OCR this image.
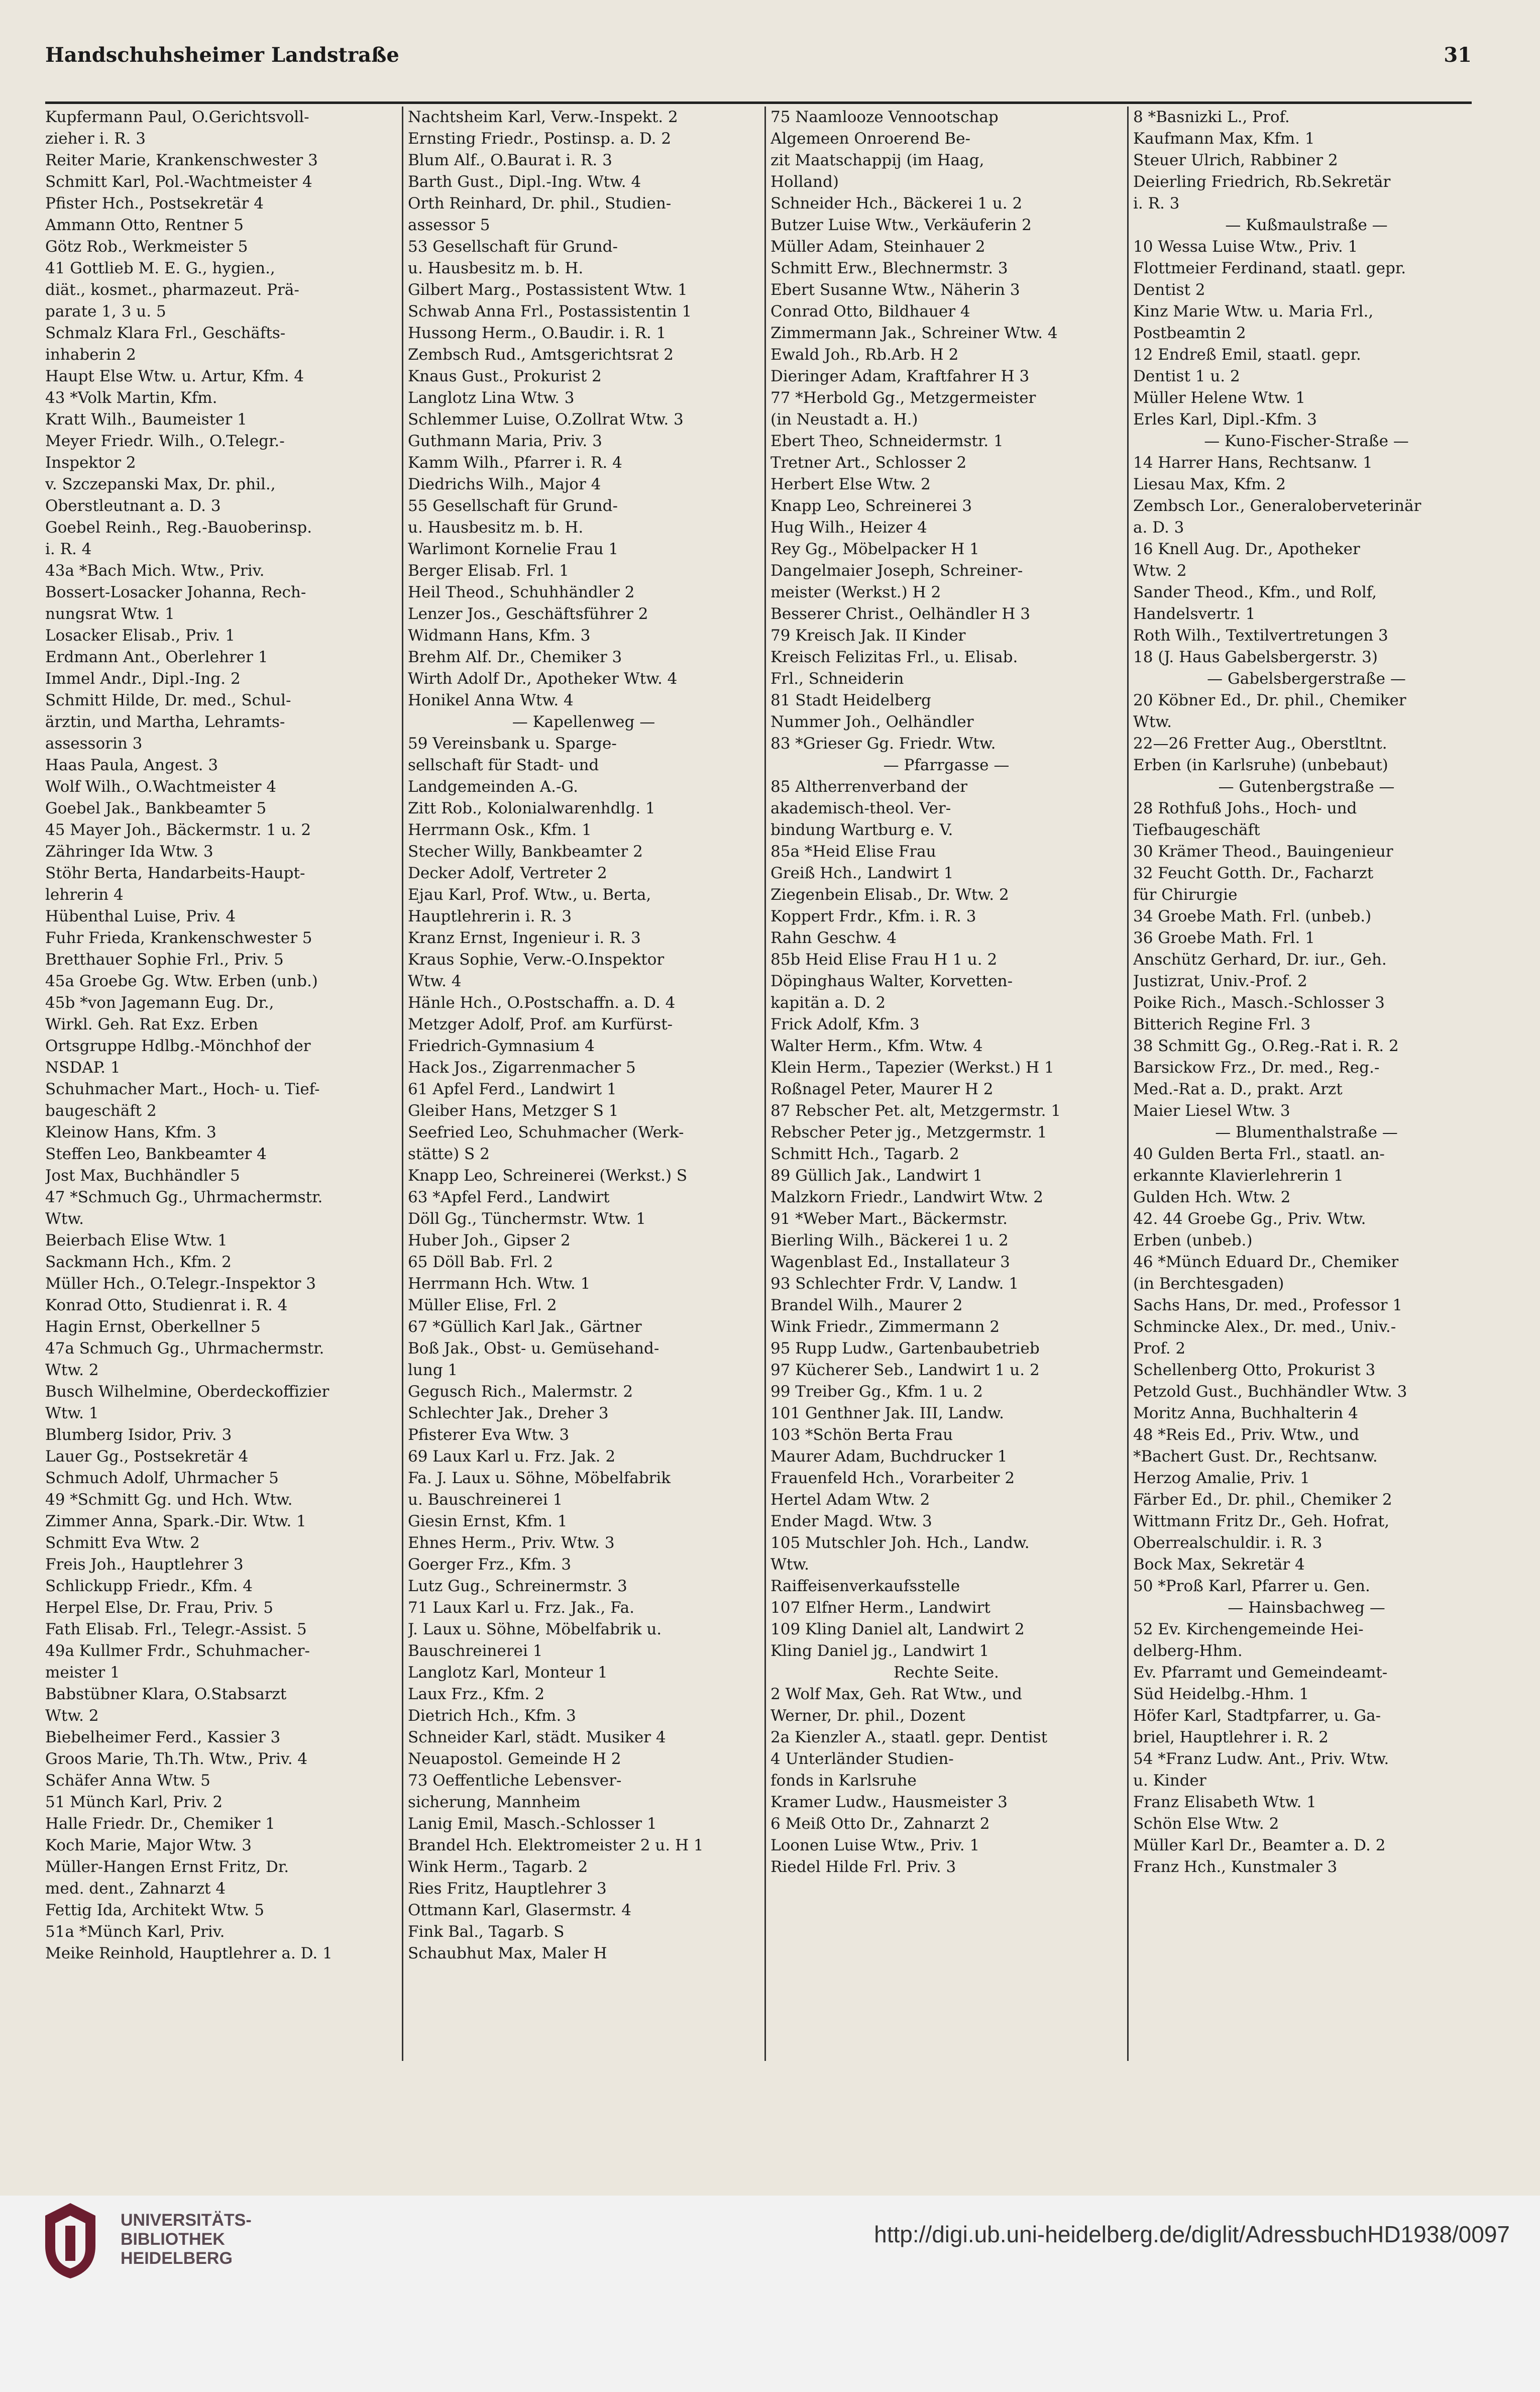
Handschuhsheimer Landstraße	31
Kupfermann Paul, O.Gerichtsvoll-
zieher i. R. 3
Reiter Marie, Krankenschwester 3
Schmitt Karl, Pol.-Wachtmeister 4
Pfister Hch., Postsekretär 4
Ammann Otto, Rentner 5
Götz Rob., Werkmeister 5
41 Gottlieb M. E. G., hygien.,
diät., kosmet., pharmazeut. Prä-
parate 1, 3 u. 5
Schmalz Klara Frl., Geschäfts-
inhaberin 2
Haupt Else Wtw. u. Artur, Kfm. 4
43 *Volk Martin, Kfm.
Kratt Wilh., Baumeister 1
Meyer Friedr. Wilh., O.Telegr.-
Inspektor 2
v. Szczepanski Max, Dr. phil.,
Oberstleutnant a. D. 3
Goebel Reinh., Reg.-Bauoberinsp.
i. R. 4
43a *Bach Mich. Wtw., Priv.
Bossert-Losacker Johanna, Rech-
nungsrat Wtw. 1
Losacker Elisab., Priv. 1
Erdmann Ant., Oberlehrer 1
Immel Andr., Dipl.-Ing. 2
Schmitt Hilde, Dr. med., Schul-
ärztin, und Martha, Lehramts-
assessorin 3
Haas Paula, Angest. 3
Wolf Wilh., O.Wachtmeister 4
Goebel Jak., Bankbeamter 5
45 Mayer Joh., Bäckermstr. 1 u. 2
Zähringer Ida Wtw. 3
Stöhr Berta, Handarbeits-Haupt-
lehrerin 4
Hübenthal Luise, Priv. 4
Fuhr Frieda, Krankenschwester 5
Bretthauer Sophie Frl., Priv. 5
45a Groebe Gg. Wtw. Erben (unb.)
45b *von Jagemann Eug. Dr.,
Wirkl. Geh. Rat Exz. Erben
Ortsgruppe Hdlbg.-Mönchhof der
NSDAP. 1
Schuhmacher Mart., Hoch- u. Tief-
baugeschäft 2
Kleinow Hans, Kfm. 3
Steffen Leo, Bankbeamter 4
Jost Max, Buchhändler 5
47 *Schmuch Gg., Uhrmachermstr.
Wtw.
Beierbach Elise Wtw. 1
Sackmann Hch., Kfm. 2
Müller Hch., O.Telegr.-Inspektor 3
Konrad Otto, Studienrat i. R. 4
Hagin Ernst, Oberkellner 5
47a Schmuch Gg., Uhrmachermstr.
Wtw. 2
Busch Wilhelmine, Oberdeckoffizier
Wtw. 1
Blumberg Isidor, Priv. 3
Lauer Gg., Postsekretär 4
Schmuch Adolf, Uhrmacher 5
49 *Schmitt Gg. und Hch. Wtw.
Zimmer Anna, Spark.-Dir. Wtw. 1
Schmitt Eva Wtw. 2
Freis Joh., Hauptlehrer 3
Schlickupp Friedr., Kfm. 4
Herpel Else, Dr. Frau, Priv. 5
Fath Elisab. Frl., Telegr.-Assist. 5
49a Kullmer Frdr., Schuhmacher-
meister 1
Babstübner Klara, O.Stabsarzt
Wtw. 2
Biebelheimer Ferd., Kassier 3
Groos Marie, Th.Th. Wtw., Priv. 4
Schäfer Anna Wtw. 5
51 Münch Karl, Priv. 2
Halle Friedr. Dr., Chemiker 1
Koch Marie, Major Wtw. 3
Müller-Hangen Ernst Fritz, Dr.
med. dent., Zahnarzt 4
Fettig Ida, Architekt Wtw. 5
51a *Münch Karl, Priv.
Meike Reinhold, Hauptlehrer a. D. 1
Nachtsheim Karl, Verw.-Inspekt. 2
Ernsting Friedr., Postinsp. a. D. 2
Blum Alf., O.Baurat i. R. 3
Barth Gust., Dipl.-Ing. Wtw. 4
Orth Reinhard, Dr. phil., Studien-
assessor 5
53 Gesellschaft für Grund-
u. Hausbesitz m. b. H.
Gilbert Marg., Postassistent Wtw. 1
Schwab Anna Frl., Postassistentin 1
Hussong Herm., O.Baudir. i. R. 1
Zembsch Rud., Amtsgerichtsrat 2
Knaus Gust., Prokurist 2
Langlotz Lina Wtw. 3
Schlemmer Luise, O.Zollrat Wtw. 3
Guthmann Maria, Priv. 3
Kamm Wilh., Pfarrer i. R. 4
Diedrichs Wilh., Major 4
55 Gesellschaft für Grund-
u. Hausbesitz m. b. H.
Warlimont Kornelie Frau 1
Berger Elisab. Frl. 1
Heil Theod., Schuhhändler 2
Lenzer Jos., Geschäftsführer 2
Widmann Hans, Kfm. 3
Brehm Alf. Dr., Chemiker 3
Wirth Adolf Dr., Apotheker Wtw. 4
Honikel Anna Wtw. 4
— Kapellenweg —
59 Vereinsbank u. Sparge-
sellschaft für Stadt- und
Landgemeinden A.-G.
Zitt Rob., Kolonialwarenhdlg. 1
Herrmann Osk., Kfm. 1
Stecher Willy, Bankbeamter 2
Decker Adolf, Vertreter 2
Ejau Karl, Prof. Wtw., u. Berta,
Hauptlehrerin i. R. 3
Kranz Ernst, Ingenieur i. R. 3
Kraus Sophie, Verw.-O.Inspektor
Wtw. 4
Hänle Hch., O.Postschaffn. a. D. 4
Metzger Adolf, Prof. am Kurfürst-
Friedrich-Gymnasium 4
Hack Jos., Zigarrenmacher 5
61 Apfel Ferd., Landwirt 1
Gleiber Hans, Metzger S 1
Seefried Leo, Schuhmacher (Werk-
stätte) S 2
Knapp Leo, Schreinerei (Werkst.) S
63 *Apfel Ferd., Landwirt
Döll Gg., Tünchermstr. Wtw. 1
Huber Joh., Gipser 2
65 Döll Bab. Frl. 2
Herrmann Hch. Wtw. 1
Müller Elise, Frl. 2
67 *Güllich Karl Jak., Gärtner
Boß Jak., Obst- u. Gemüsehand-
lung 1
Gegusch Rich., Malermstr. 2
Schlechter Jak., Dreher 3
Pfisterer Eva Wtw. 3
69 Laux Karl u. Frz. Jak. 2
Fa. J. Laux u. Söhne, Möbelfabrik
u. Bauschreinerei 1
Giesin Ernst, Kfm. 1
Ehnes Herm., Priv. Wtw. 3
Goerger Frz., Kfm. 3
Lutz Gug., Schreinermstr. 3
71 Laux Karl u. Frz. Jak., Fa.
J. Laux u. Söhne, Möbelfabrik u.
Bauschreinerei 1
Langlotz Karl, Monteur 1
Laux Frz., Kfm. 2
Dietrich Hch., Kfm. 3
Schneider Karl, städt. Musiker 4
Neuapostol. Gemeinde H 2
73 Oeffentliche Lebensver-
sicherung, Mannheim
Lanig Emil, Masch.-Schlosser 1
Brandel Hch. Elektromeister 2 u. H 1
Wink Herm., Tagarb. 2
Ries Fritz, Hauptlehrer 3
Ottmann Karl, Glasermstr. 4
Fink Bal., Tagarb. S
Schaubhut Max, Maler H
75 Naamlooze Vennootschap
Algemeen Onroerend Be-
zit Maatschappij (im Haag,
Holland)
Schneider Hch., Bäckerei 1 u. 2
Butzer Luise Wtw., Verkäuferin 2
Müller Adam, Steinhauer 2
Schmitt Erw., Blechnermstr. 3
Ebert Susanne Wtw., Näherin 3
Conrad Otto, Bildhauer 4
Zimmermann Jak., Schreiner Wtw. 4
Ewald Joh., Rb.Arb. H 2
Dieringer Adam, Kraftfahrer H 3
77 *Herbold Gg., Metzgermeister
(in Neustadt a. H.)
Ebert Theo, Schneidermstr. 1
Tretner Art., Schlosser 2
Herbert Else Wtw. 2
Knapp Leo, Schreinerei 3
Hug Wilh., Heizer 4
Rey Gg., Möbelpacker H 1
Dangelmaier Joseph, Schreiner-
meister (Werkst.) H 2
Besserer Christ., Oelhändler H 3
79 Kreisch Jak. II Kinder
Kreisch Felizitas Frl., u. Elisab.
Frl., Schneiderin
81 Stadt Heidelberg
Nummer Joh., Oelhändler
83 *Grieser Gg. Friedr. Wtw.
— Pfarrgasse —
85 Altherrenverband der
akademisch-theol. Ver-
bindung Wartburg e. V.
85a *Heid Elise Frau
Greiß Hch., Landwirt 1
Ziegenbein Elisab., Dr. Wtw. 2
Koppert Frdr., Kfm. i. R. 3
Rahn Geschw. 4
85b Heid Elise Frau H 1 u. 2
Döpinghaus Walter, Korvetten-
kapitän a. D. 2
Frick Adolf, Kfm. 3
Walter Herm., Kfm. Wtw. 4
Klein Herm., Tapezier (Werkst.) H 1
Roßnagel Peter, Maurer H 2
87 Rebscher Pet. alt, Metzgermstr. 1
Rebscher Peter jg., Metzgermstr. 1
Schmitt Hch., Tagarb. 2
89 Güllich Jak., Landwirt 1
Malzkorn Friedr., Landwirt Wtw. 2
91 *Weber Mart., Bäckermstr.
Bierling Wilh., Bäckerei 1 u. 2
Wagenblast Ed., Installateur 3
93 Schlechter Frdr. V, Landw. 1
Brandel Wilh., Maurer 2
Wink Friedr., Zimmermann 2
95 Rupp Ludw., Gartenbaubetrieb
97 Kücherer Seb., Landwirt 1 u. 2
99 Treiber Gg., Kfm. 1 u. 2
101 Genthner Jak. III, Landw.
103 *Schön Berta Frau
Maurer Adam, Buchdrucker 1
Frauenfeld Hch., Vorarbeiter 2
Hertel Adam Wtw. 2
Ender Magd. Wtw. 3
105 Mutschler Joh. Hch., Landw.
Wtw.
Raiffeisenverkaufsstelle
107 Elfner Herm., Landwirt
109 Kling Daniel alt, Landwirt 2
Kling Daniel jg., Landwirt 1
Rechte Seite.
2 Wolf Max, Geh. Rat Wtw., und
Werner, Dr. phil., Dozent
2a Kienzler A., staatl. gepr. Dentist
4 Unterländer Studien-
fonds in Karlsruhe
Kramer Ludw., Hausmeister 3
6 Meiß Otto Dr., Zahnarzt 2
Loonen Luise Wtw., Priv. 1
Riedel Hilde Frl. Priv. 3
8 *Basnizki L., Prof.
Kaufmann Max, Kfm. 1
Steuer Ulrich, Rabbiner 2
Deierling Friedrich, Rb.Sekretär
i. R. 3
— Kußmaulstraße —
10 Wessa Luise Wtw., Priv. 1
Flottmeier Ferdinand, staatl. gepr.
Dentist 2
Kinz Marie Wtw. u. Maria Frl.,
Postbeamtin 2
12 Endreß Emil, staatl. gepr.
Dentist 1 u. 2
Müller Helene Wtw. 1
Erles Karl, Dipl.-Kfm. 3
— Kuno-Fischer-Straße —
14 Harrer Hans, Rechtsanw. 1
Liesau Max, Kfm. 2
Zembsch Lor., Generaloberveterinär
a. D. 3
16 Knell Aug. Dr., Apotheker
Wtw. 2
Sander Theod., Kfm., und Rolf,
Handelsvertr. 1
Roth Wilh., Textilvertretungen 3
18 (J. Haus Gabelsbergerstr. 3)
— Gabelsbergerstraße —
20 Köbner Ed., Dr. phil., Chemiker
Wtw.
22—26 Fretter Aug., Oberstltnt.
Erben (in Karlsruhe) (unbebaut)
— Gutenbergstraße —
28 Rothfuß Johs., Hoch- und
Tiefbaugeschäft
30 Krämer Theod., Bauingenieur
32 Feucht Gotth. Dr., Facharzt
für Chirurgie
34 Groebe Math. Frl. (unbeb.)
36 Groebe Math. Frl. 1
Anschütz Gerhard, Dr. iur., Geh.
Justizrat, Univ.-Prof. 2
Poike Rich., Masch.-Schlosser 3
Bitterich Regine Frl. 3
38 Schmitt Gg., O.Reg.-Rat i. R. 2
Barsickow Frz., Dr. med., Reg.-
Med.-Rat a. D., prakt. Arzt
Maier Liesel Wtw. 3
— Blumenthalstraße —
40 Gulden Berta Frl., staatl. an-
erkannte Klavierlehrerin 1
Gulden Hch. Wtw. 2
42. 44 Groebe Gg., Priv. Wtw.
Erben (unbeb.)
46 *Münch Eduard Dr., Chemiker
(in Berchtesgaden)
Sachs Hans, Dr. med., Professor 1
Schmincke Alex., Dr. med., Univ.-
Prof. 2
Schellenberg Otto, Prokurist 3
Petzold Gust., Buchhändler Wtw. 3
Moritz Anna, Buchhalterin 4
48 *Reis Ed., Priv. Wtw., und
*Bachert Gust. Dr., Rechtsanw.
Herzog Amalie, Priv. 1
Färber Ed., Dr. phil., Chemiker 2
Wittmann Fritz Dr., Geh. Hofrat,
Oberrealschuldir. i. R. 3
Bock Max, Sekretär 4
50 *Proß Karl, Pfarrer u. Gen.
— Hainsbachweg —
52 Ev. Kirchengemeinde Hei-
delberg-Hhm.
Ev. Pfarramt und Gemeindeamt-
Süd Heidelbg.-Hhm. 1
Höfer Karl, Stadtpfarrer, u. Ga-
briel, Hauptlehrer i. R. 2
54 *Franz Ludw. Ant., Priv. Wtw.
u. Kinder
Franz Elisabeth Wtw. 1
Schön Else Wtw. 2
Müller Karl Dr., Beamter a. D. 2
Franz Hch., Kunstmaler 3
UNIVERSITÄTS-
BIBLIOTHEK
HEIDELBERG
http://digi.ub.uni-heidelberg.de/diglit/AdressbuchHD1938/0097
